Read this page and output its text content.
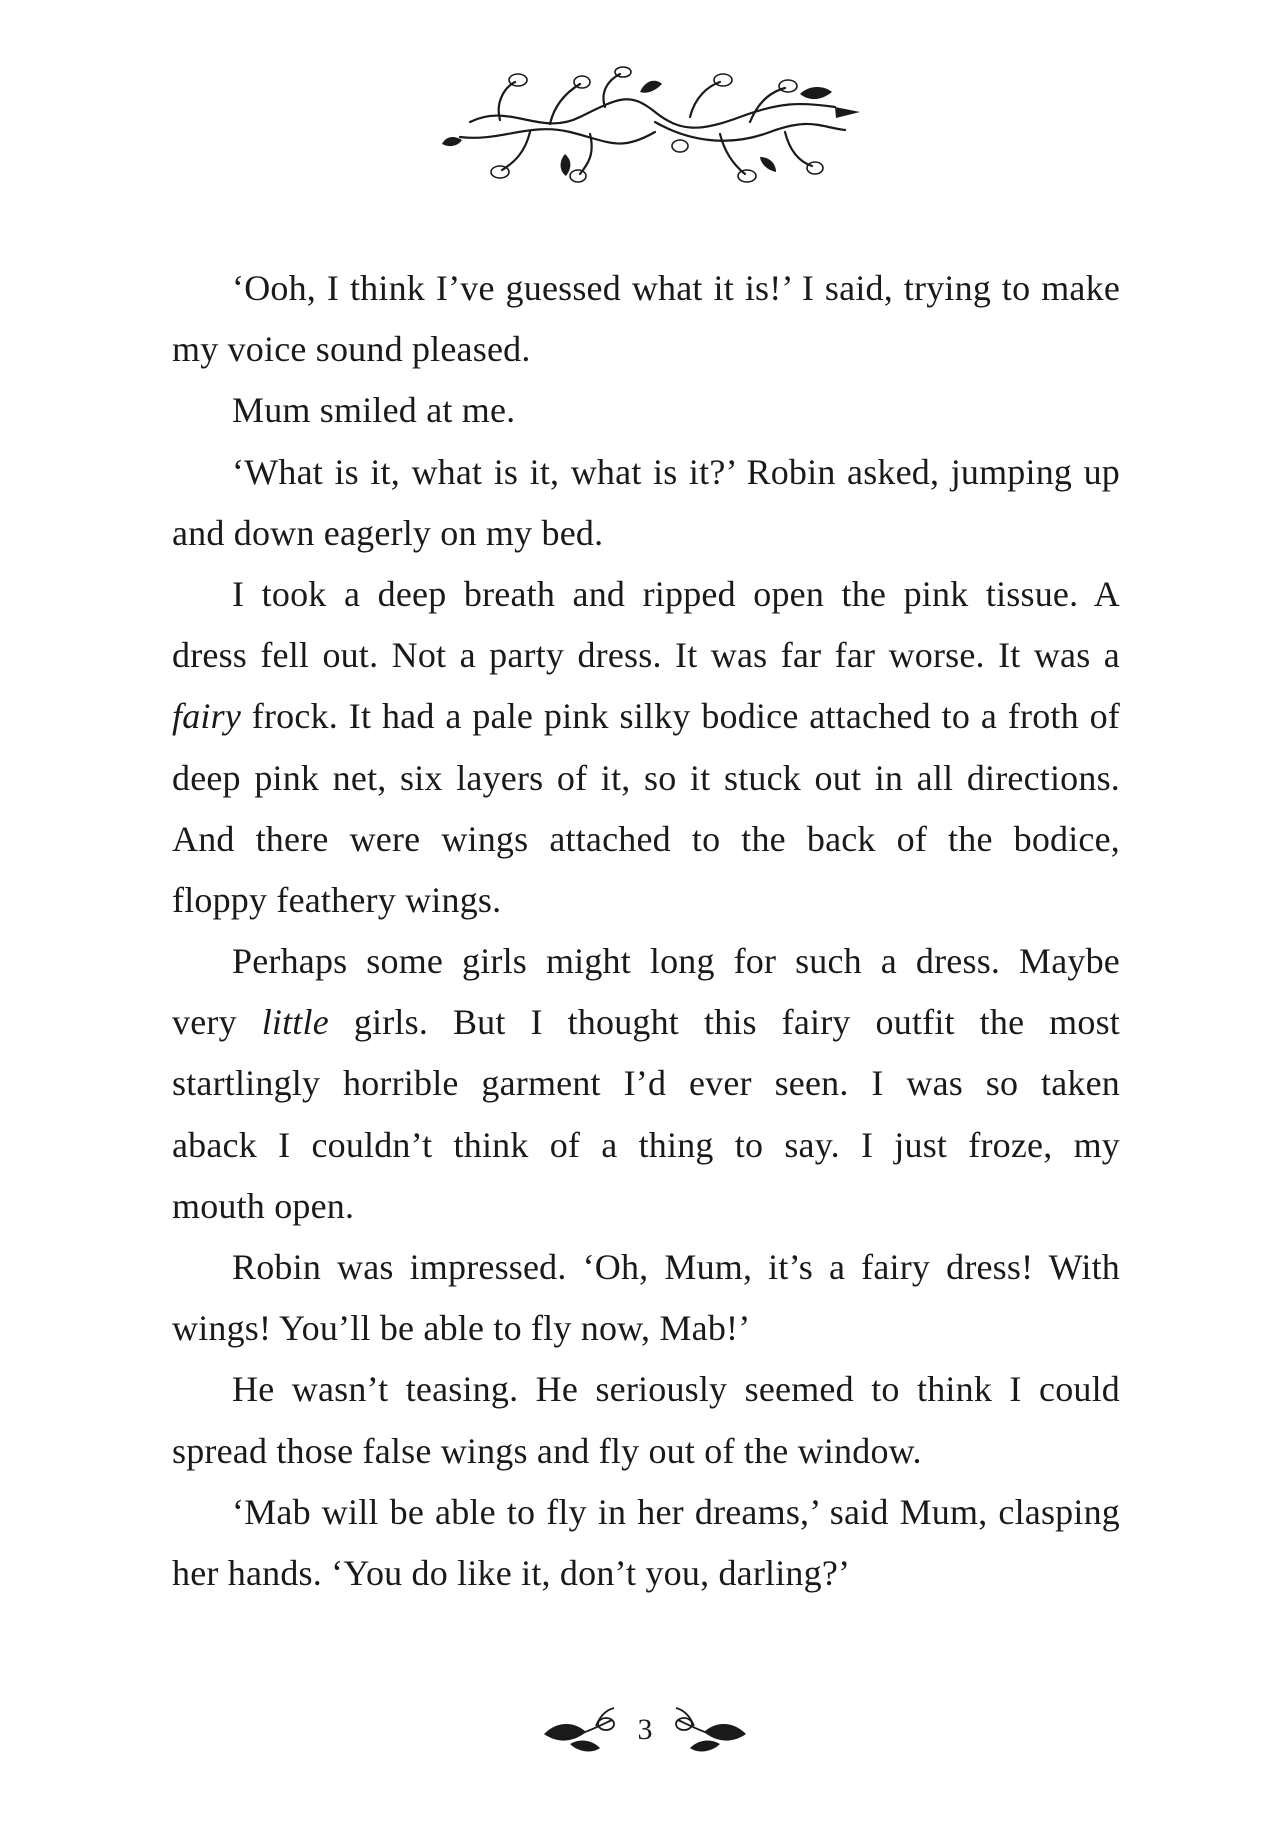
‘Ooh, I think I’ve guessed what it is!’ I said, trying to make
my voice sound pleased.
Mum smiled at me.
‘What is it, what is it, what is it?’ Robin asked, jumping up
and down eagerly on my bed.
I took a deep breath and ripped open the pink tissue. A
dress fell out. Not a party dress. It was far far worse. It was a
fairy frock. It had a pale pink silky bodice attached to a froth of
deep pink net, six layers of it, so it stuck out in all directions.
And there were wings attached to the back of the bodice,
floppy feathery wings.
Perhaps some girls might long for such a dress. Maybe
very little girls. But I thought this fairy outfit the most
startlingly horrible garment I’d ever seen. I was so taken
aback I couldn’t think of a thing to say. I just froze, my
mouth open.
Robin was impressed. ‘Oh, Mum, it’s a fairy dress! With
wings! You’ll be able to fly now, Mab!’
He wasn’t teasing. He seriously seemed to think I could
spread those false wings and fly out of the window.
‘Mab will be able to fly in her dreams,’ said Mum, clasping
her hands. ‘You do like it, don’t you, darling?’
3
